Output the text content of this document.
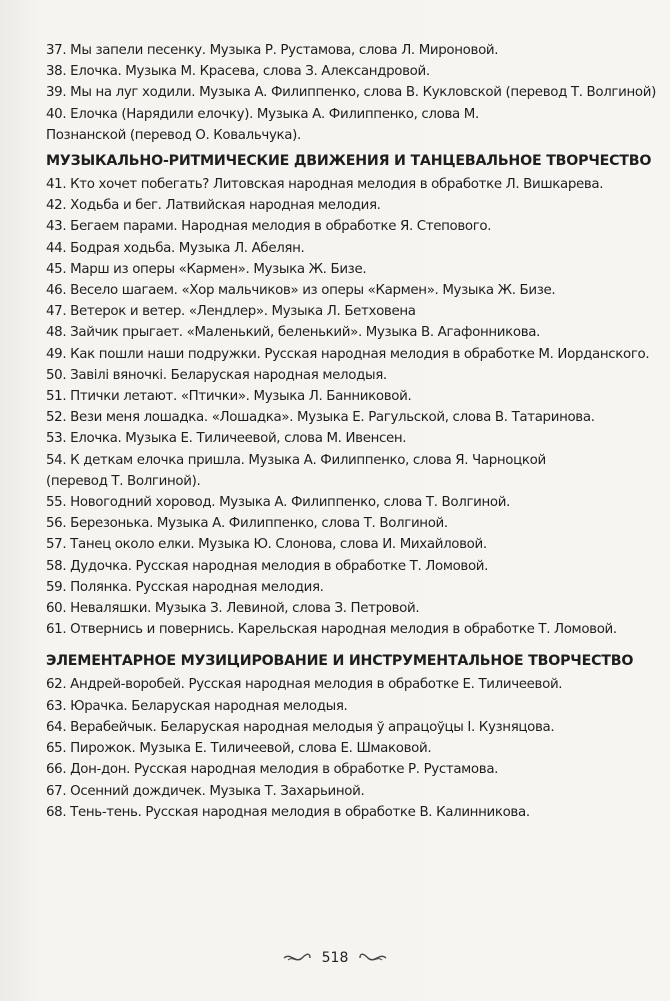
37. Мы запели песенку. Музыка Р. Рустамова, слова Л. Мироновой.
38. Елочка. Музыка М. Красева, слова З. Александровой.
39. Мы на луг ходили. Музыка А. Филиппенко, слова В. Кукловской (перевод Т. Волгиной)
40. Елочка (Нарядили елочку). Музыка А. Филиппенко, слова М. Познанской (перевод О. Ковальчука).
МУЗЫКАЛЬНО-РИТМИЧЕСКИЕ ДВИЖЕНИЯ И ТАНЦЕВАЛЬНОЕ ТВОРЧЕСТВО
41. Кто хочет побегать? Литовская народная мелодия в обработке Л. Вишкарева.
42. Ходьба и бег. Латвийская народная мелодия.
43. Бегаем парами. Народная мелодия в обработке Я. Степового.
44. Бодрая ходьба. Музыка Л. Абелян.
45. Марш из оперы «Кармен». Музыка Ж. Бизе.
46. Весело шагаем. «Хор мальчиков» из оперы «Кармен». Музыка Ж. Бизе.
47. Ветерок и ветер. «Лендлер». Музыка Л. Бетховена
48. Зайчик прыгает. «Маленький, беленький». Музыка В. Агафонникова.
49. Как пошли наши подружки. Русская народная мелодия в обработке М. Иорданского.
50. Завілі вяночкі. Беларуская народная мелодыя.
51. Птички летают. «Птички». Музыка Л. Банниковой.
52. Вези меня лошадка. «Лошадка». Музыка Е. Рагульской, слова В. Татаринова.
53. Елочка. Музыка Е. Тиличеевой, слова М. Ивенсен.
54. К деткам елочка пришла. Музыка А. Филиппенко, слова Я. Чарноцкой (перевод Т. Волгиной).
55. Новогодний хоровод. Музыка А. Филиппенко, слова Т. Волгиной.
56. Березонька. Музыка А. Филиппенко, слова Т. Волгиной.
57. Танец около елки. Музыка Ю. Слонова, слова И. Михайловой.
58. Дудочка. Русская народная мелодия в обработке Т. Ломовой.
59. Полянка. Русская народная мелодия.
60. Неваляшки. Музыка З. Левиной, слова З. Петровой.
61. Отвернись и повернись. Карельская народная мелодия в обработке Т. Ломовой.
ЭЛЕМЕНТАРНОЕ МУЗИЦИРОВАНИЕ И ИНСТРУМЕНТАЛЬНОЕ ТВОРЧЕСТВО
62. Андрей-воробей. Русская народная мелодия в обработке Е. Тиличеевой.
63. Юрачка. Беларуская народная мелодыя.
64. Верабейчык. Беларуская народная мелодыя ў апрацоўцы І. Кузняцова.
65. Пирожок. Музыка Е. Тиличеевой, слова Е. Шмаковой.
66. Дон-дон. Русская народная мелодия в обработке Р. Рустамова.
67. Осенний дождичек. Музыка Т. Захарьиной.
68. Тень-тень. Русская народная мелодия в обработке В. Калинникова.
518
